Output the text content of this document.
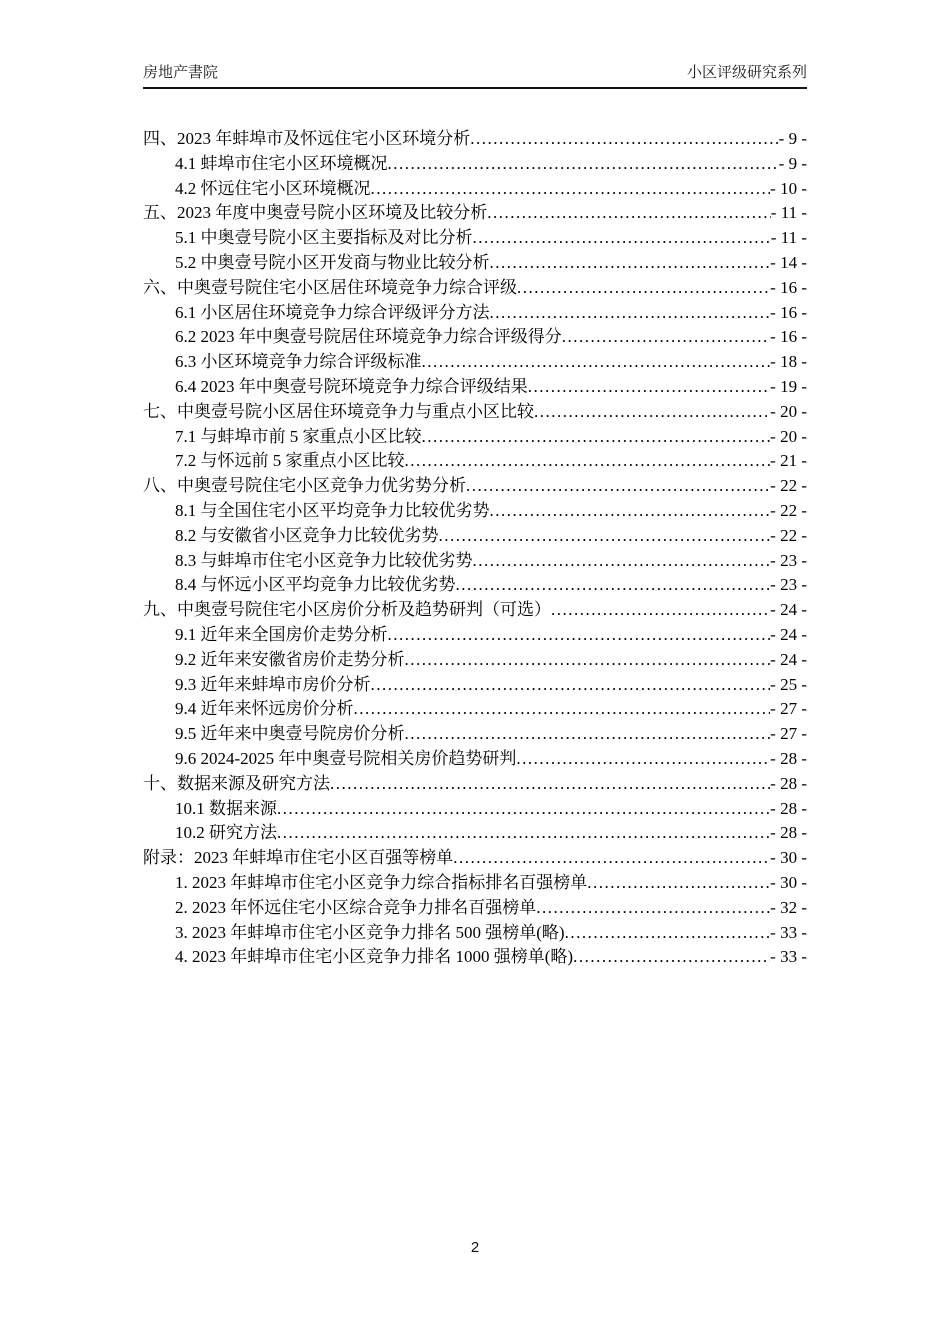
房地产書院	小区评级研究系列
四、2023 年蚌埠市及怀远住宅小区环境分析 .....	- 9 -
4.1 蚌埠市住宅小区环境概况 .....	- 9 -
4.2 怀远住宅小区环境概况 .....	- 10 -
五、2023 年度中奥壹号院小区环境及比较分析 .....	- 11 -
5.1 中奥壹号院小区主要指标及对比分析 .....	- 11 -
5.2 中奥壹号院小区开发商与物业比较分析 .....	- 14 -
六、中奥壹号院住宅小区居住环境竞争力综合评级 .....	- 16 -
6.1 小区居住环境竞争力综合评级评分方法 .....	- 16 -
6.2 2023 年中奥壹号院居住环境竞争力综合评级得分 .....	- 16 -
6.3 小区环境竞争力综合评级标准 .....	- 18 -
6.4 2023 年中奥壹号院环境竞争力综合评级结果 .....	- 19 -
七、中奥壹号院小区居住环境竞争力与重点小区比较 .....	- 20 -
7.1 与蚌埠市前 5 家重点小区比较 .....	- 20 -
7.2 与怀远前 5 家重点小区比较 .....	- 21 -
八、中奥壹号院住宅小区竞争力优劣势分析 .....	- 22 -
8.1 与全国住宅小区平均竞争力比较优劣势 .....	- 22 -
8.2 与安徽省小区竞争力比较优劣势 .....	- 22 -
8.3 与蚌埠市住宅小区竞争力比较优劣势 .....	- 23 -
8.4 与怀远小区平均竞争力比较优劣势 .....	- 23 -
九、中奥壹号院住宅小区房价分析及趋势研判（可选） .....	- 24 -
9.1 近年来全国房价走势分析 .....	- 24 -
9.2 近年来安徽省房价走势分析 .....	- 24 -
9.3 近年来蚌埠市房价分析 .....	- 25 -
9.4 近年来怀远房价分析 .....	- 27 -
9.5 近年来中奥壹号院房价分析 .....	- 27 -
9.6 2024-2025 年中奥壹号院相关房价趋势研判 .....	- 28 -
十、数据来源及研究方法 .....	- 28 -
10.1 数据来源 .....	- 28 -
10.2 研究方法 .....	- 28 -
附录：2023 年蚌埠市住宅小区百强等榜单 .....	- 30 -
1. 2023 年蚌埠市住宅小区竞争力综合指标排名百强榜单 .....	- 30 -
2. 2023 年怀远住宅小区综合竞争力排名百强榜单 .....	- 32 -
3. 2023 年蚌埠市住宅小区竞争力排名 500 强榜单(略) .....	- 33 -
4. 2023 年蚌埠市住宅小区竞争力排名 1000 强榜单(略) .....	- 33 -
2
